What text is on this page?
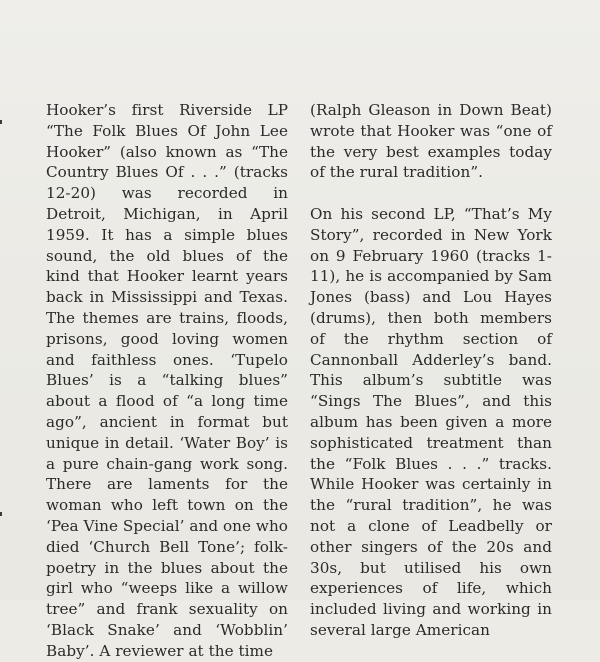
Hooker’s first Riverside LP “The Folk Blues Of John Lee Hooker” (also known as “The Country Blues Of . . .” (tracks 12-20) was recorded in Detroit, Michigan, in April 1959. It has a simple blues sound, the old blues of the kind that Hooker learnt years back in Mississippi and Texas. The themes are trains, floods, prisons, good loving women and faithless ones. ‘Tupelo Blues’ is a “talking blues” about a flood of “a long time ago”, ancient in format but unique in detail. ‘Water Boy’ is a pure chain-gang work song. There are laments for the woman who left town on the ‘Pea Vine Special’ and one who died ‘Church Bell Tone’; folk-poetry in the blues about the girl who “weeps like a willow tree” and frank sexuality on ‘Black Snake’ and ‘Wobblin’ Baby’. A reviewer at the time

(Ralph Gleason in Down Beat) wrote that Hooker was “one of the very best examples today of the rural tradition”.

On his second LP, “That’s My Story”, recorded in New York on 9 February 1960 (tracks 1-11), he is accompanied by Sam Jones (bass) and Lou Hayes (drums), then both members of the rhythm section of Cannonball Adderley’s band. This album’s subtitle was “Sings The Blues”, and this album has been given a more sophisticated treatment than the “Folk Blues . . .” tracks. While Hooker was certainly in the “rural tradition”, he was not a clone of Leadbelly or other singers of the 20s and 30s, but utilised his own experiences of life, which included living and working in several large American
